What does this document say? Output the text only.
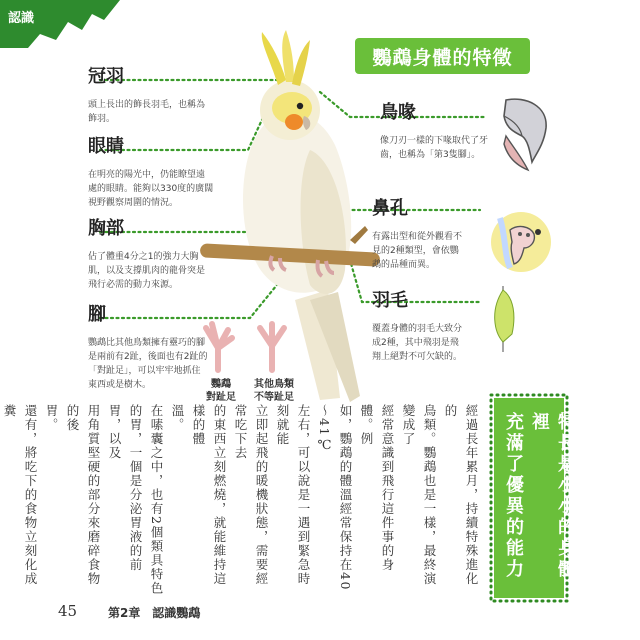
認識
鸚鵡身體的特徵
冠羽
頭上長出的飾長羽毛，也稱為
飾羽。
眼睛
在明亮的陽光中，仍能瞭望遠
處的眼睛。能夠以330度的廣闊
視野觀察周圍的情況。
胸部
佔了體重4分之1的強力大胸
肌，以及支撐肌肉的龍骨突是
飛行必需的動力來源。
腳
鸚鵡比其他鳥類擁有靈巧的腳
是兩前有2趾，後面也有2趾的
「對趾足」，可以牢牢地抓住
東西或是樹木。	鸚鵡
對趾足
其他鳥類
不等趾足
鳥喙
像刀刃一樣的下喙取代了牙
齒，也稱為「第3隻腳」。
鼻孔
有露出型和從外觀看不
見的2種類型，會依鸚
鵡的品種而異。
羽毛
覆蓋身體的羽毛大致分
成2種，其中飛羽是飛
翔上絕對不可欠缺的。
特長是小小的身體裡
充滿了優異的能力
經過長年累月，持續特殊進化的
鳥類。鸚鵡也是一樣，最終演變成了
經常意識到飛行這件事的身體。例
如，鸚鵡的體溫經常保持在40～41℃
左右，可以說是一遇到緊急時刻就能
立即起飛的暖機狀態，需要經常吃下去
的東西立刻燃燒，就能維持這樣的體
溫。
在嗉囊之中，也有2個類具特色
的胃，一個是分泌胃液的前胃，以及
用角質堅硬的部分來磨碎食物的後
胃。
還有，將吃下的食物立刻化成糞

45	第2章 認識鸚鵡
